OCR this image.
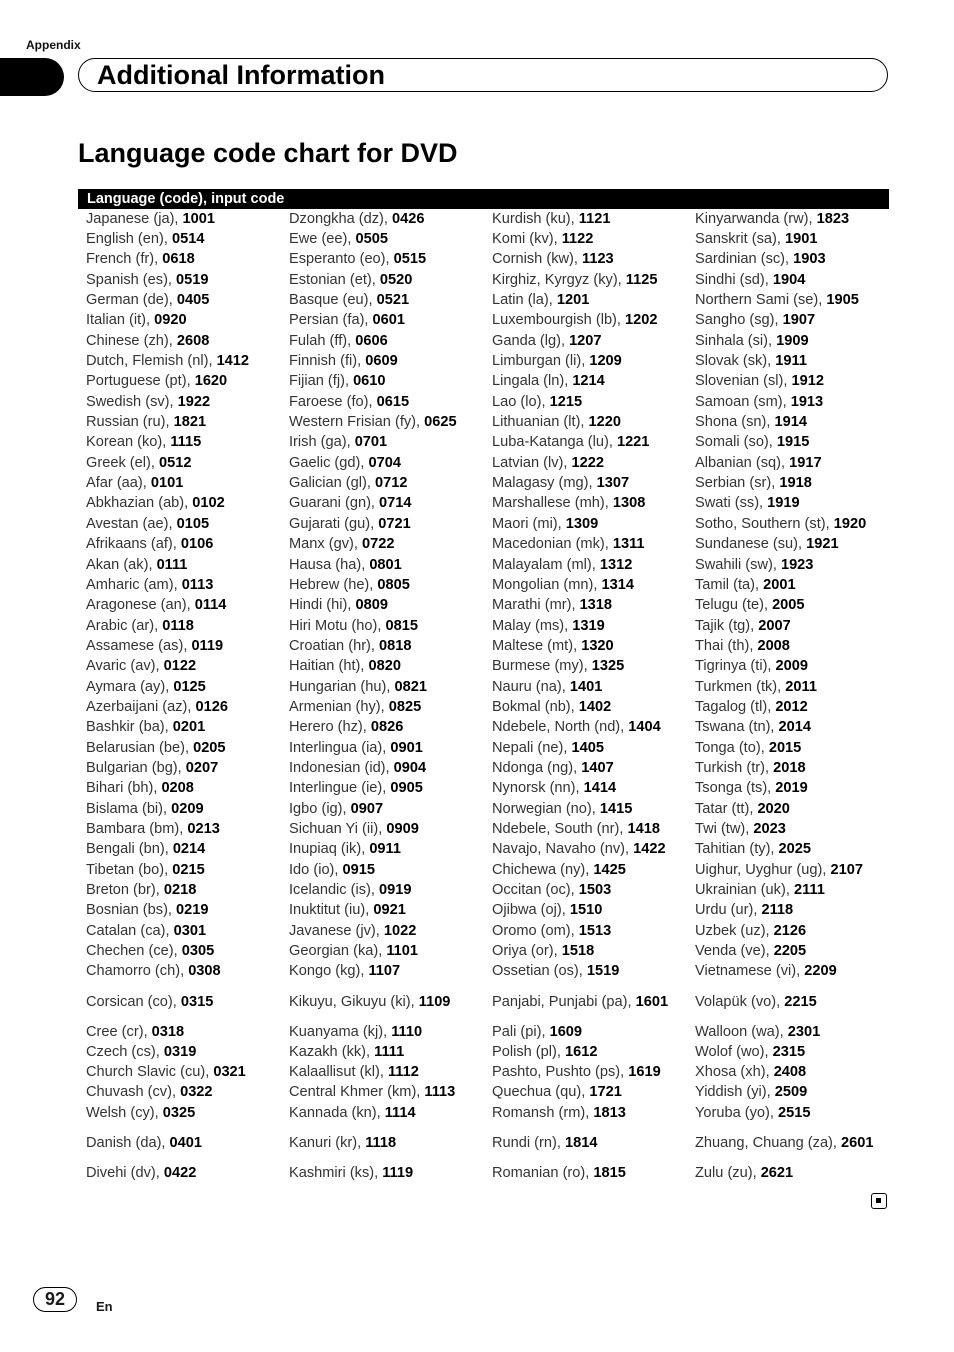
Appendix
Additional Information
Language code chart for DVD
Language (code), input code
Japanese (ja), 1001
English (en), 0514
French (fr), 0618
Spanish (es), 0519
German (de), 0405
Italian (it), 0920
Chinese (zh), 2608
Dutch, Flemish (nl), 1412
Portuguese (pt), 1620
Swedish (sv), 1922
Russian (ru), 1821
Korean (ko), 1115
Greek (el), 0512
Afar (aa), 0101
Abkhazian (ab), 0102
Avestan (ae), 0105
Afrikaans (af), 0106
Akan (ak), 0111
Amharic (am), 0113
Aragonese (an), 0114
Arabic (ar), 0118
Assamese (as), 0119
Avaric (av), 0122
Aymara (ay), 0125
Azerbaijani (az), 0126
Bashkir (ba), 0201
Belarusian (be), 0205
Bulgarian (bg), 0207
Bihari (bh), 0208
Bislama (bi), 0209
Bambara (bm), 0213
Bengali (bn), 0214
Tibetan (bo), 0215
Breton (br), 0218
Bosnian (bs), 0219
Catalan (ca), 0301
Chechen (ce), 0305
Chamorro (ch), 0308
Corsican (co), 0315
Cree (cr), 0318
Czech (cs), 0319
Church Slavic (cu), 0321
Chuvash (cv), 0322
Welsh (cy), 0325
Danish (da), 0401
Divehi (dv), 0422
Dzongkha (dz), 0426
Ewe (ee), 0505
Esperanto (eo), 0515
Estonian (et), 0520
Basque (eu), 0521
Persian (fa), 0601
Fulah (ff), 0606
Finnish (fi), 0609
Fijian (fj), 0610
Faroese (fo), 0615
Western Frisian (fy), 0625
Irish (ga), 0701
Gaelic (gd), 0704
Galician (gl), 0712
Guarani (gn), 0714
Gujarati (gu), 0721
Manx (gv), 0722
Hausa (ha), 0801
Hebrew (he), 0805
Hindi (hi), 0809
Hiri Motu (ho), 0815
Croatian (hr), 0818
Haitian (ht), 0820
Hungarian (hu), 0821
Armenian (hy), 0825
Herero (hz), 0826
Interlingua (ia), 0901
Indonesian (id), 0904
Interlingue (ie), 0905
Igbo (ig), 0907
Sichuan Yi (ii), 0909
Inupiaq (ik), 0911
Ido (io), 0915
Icelandic (is), 0919
Inuktitut (iu), 0921
Javanese (jv), 1022
Georgian (ka), 1101
Kongo (kg), 1107
Kikuyu, Gikuyu (ki), 1109
Kuanyama (kj), 1110
Kazakh (kk), 1111
Kalaallisut (kl), 1112
Central Khmer (km), 1113
Kannada (kn), 1114
Kanuri (kr), 1118
Kashmiri (ks), 1119
Kurdish (ku), 1121
Komi (kv), 1122
Cornish (kw), 1123
Kirghiz, Kyrgyz (ky), 1125
Latin (la), 1201
Luxembourgish (lb), 1202
Ganda (lg), 1207
Limburgan (li), 1209
Lingala (ln), 1214
Lao (lo), 1215
Lithuanian (lt), 1220
Luba-Katanga (lu), 1221
Latvian (lv), 1222
Malagasy (mg), 1307
Marshallese (mh), 1308
Maori (mi), 1309
Macedonian (mk), 1311
Malayalam (ml), 1312
Mongolian (mn), 1314
Marathi (mr), 1318
Malay (ms), 1319
Maltese (mt), 1320
Burmese (my), 1325
Nauru (na), 1401
Bokmal (nb), 1402
Ndebele, North (nd), 1404
Nepali (ne), 1405
Ndonga (ng), 1407
Nynorsk (nn), 1414
Norwegian (no), 1415
Ndebele, South (nr), 1418
Navajo, Navaho (nv), 1422
Chichewa (ny), 1425
Occitan (oc), 1503
Ojibwa (oj), 1510
Oromo (om), 1513
Oriya (or), 1518
Ossetian (os), 1519
Panjabi, Punjabi (pa), 1601
Pali (pi), 1609
Polish (pl), 1612
Pashto, Pushto (ps), 1619
Quechua (qu), 1721
Romansh (rm), 1813
Rundi (rn), 1814
Romanian (ro), 1815
Kinyarwanda (rw), 1823
Sanskrit (sa), 1901
Sardinian (sc), 1903
Sindhi (sd), 1904
Northern Sami (se), 1905
Sangho (sg), 1907
Sinhala (si), 1909
Slovak (sk), 1911
Slovenian (sl), 1912
Samoan (sm), 1913
Shona (sn), 1914
Somali (so), 1915
Albanian (sq), 1917
Serbian (sr), 1918
Swati (ss), 1919
Sotho, Southern (st), 1920
Sundanese (su), 1921
Swahili (sw), 1923
Tamil (ta), 2001
Telugu (te), 2005
Tajik (tg), 2007
Thai (th), 2008
Tigrinya (ti), 2009
Turkmen (tk), 2011
Tagalog (tl), 2012
Tswana (tn), 2014
Tonga (to), 2015
Turkish (tr), 2018
Tsonga (ts), 2019
Tatar (tt), 2020
Twi (tw), 2023
Tahitian (ty), 2025
Uighur, Uyghur (ug), 2107
Ukrainian (uk), 2111
Urdu (ur), 2118
Uzbek (uz), 2126
Venda (ve), 2205
Vietnamese (vi), 2209
Volapük (vo), 2215
Walloon (wa), 2301
Wolof (wo), 2315
Xhosa (xh), 2408
Yiddish (yi), 2509
Yoruba (yo), 2515
Zhuang, Chuang (za), 2601
Zulu (zu), 2621
92	En
